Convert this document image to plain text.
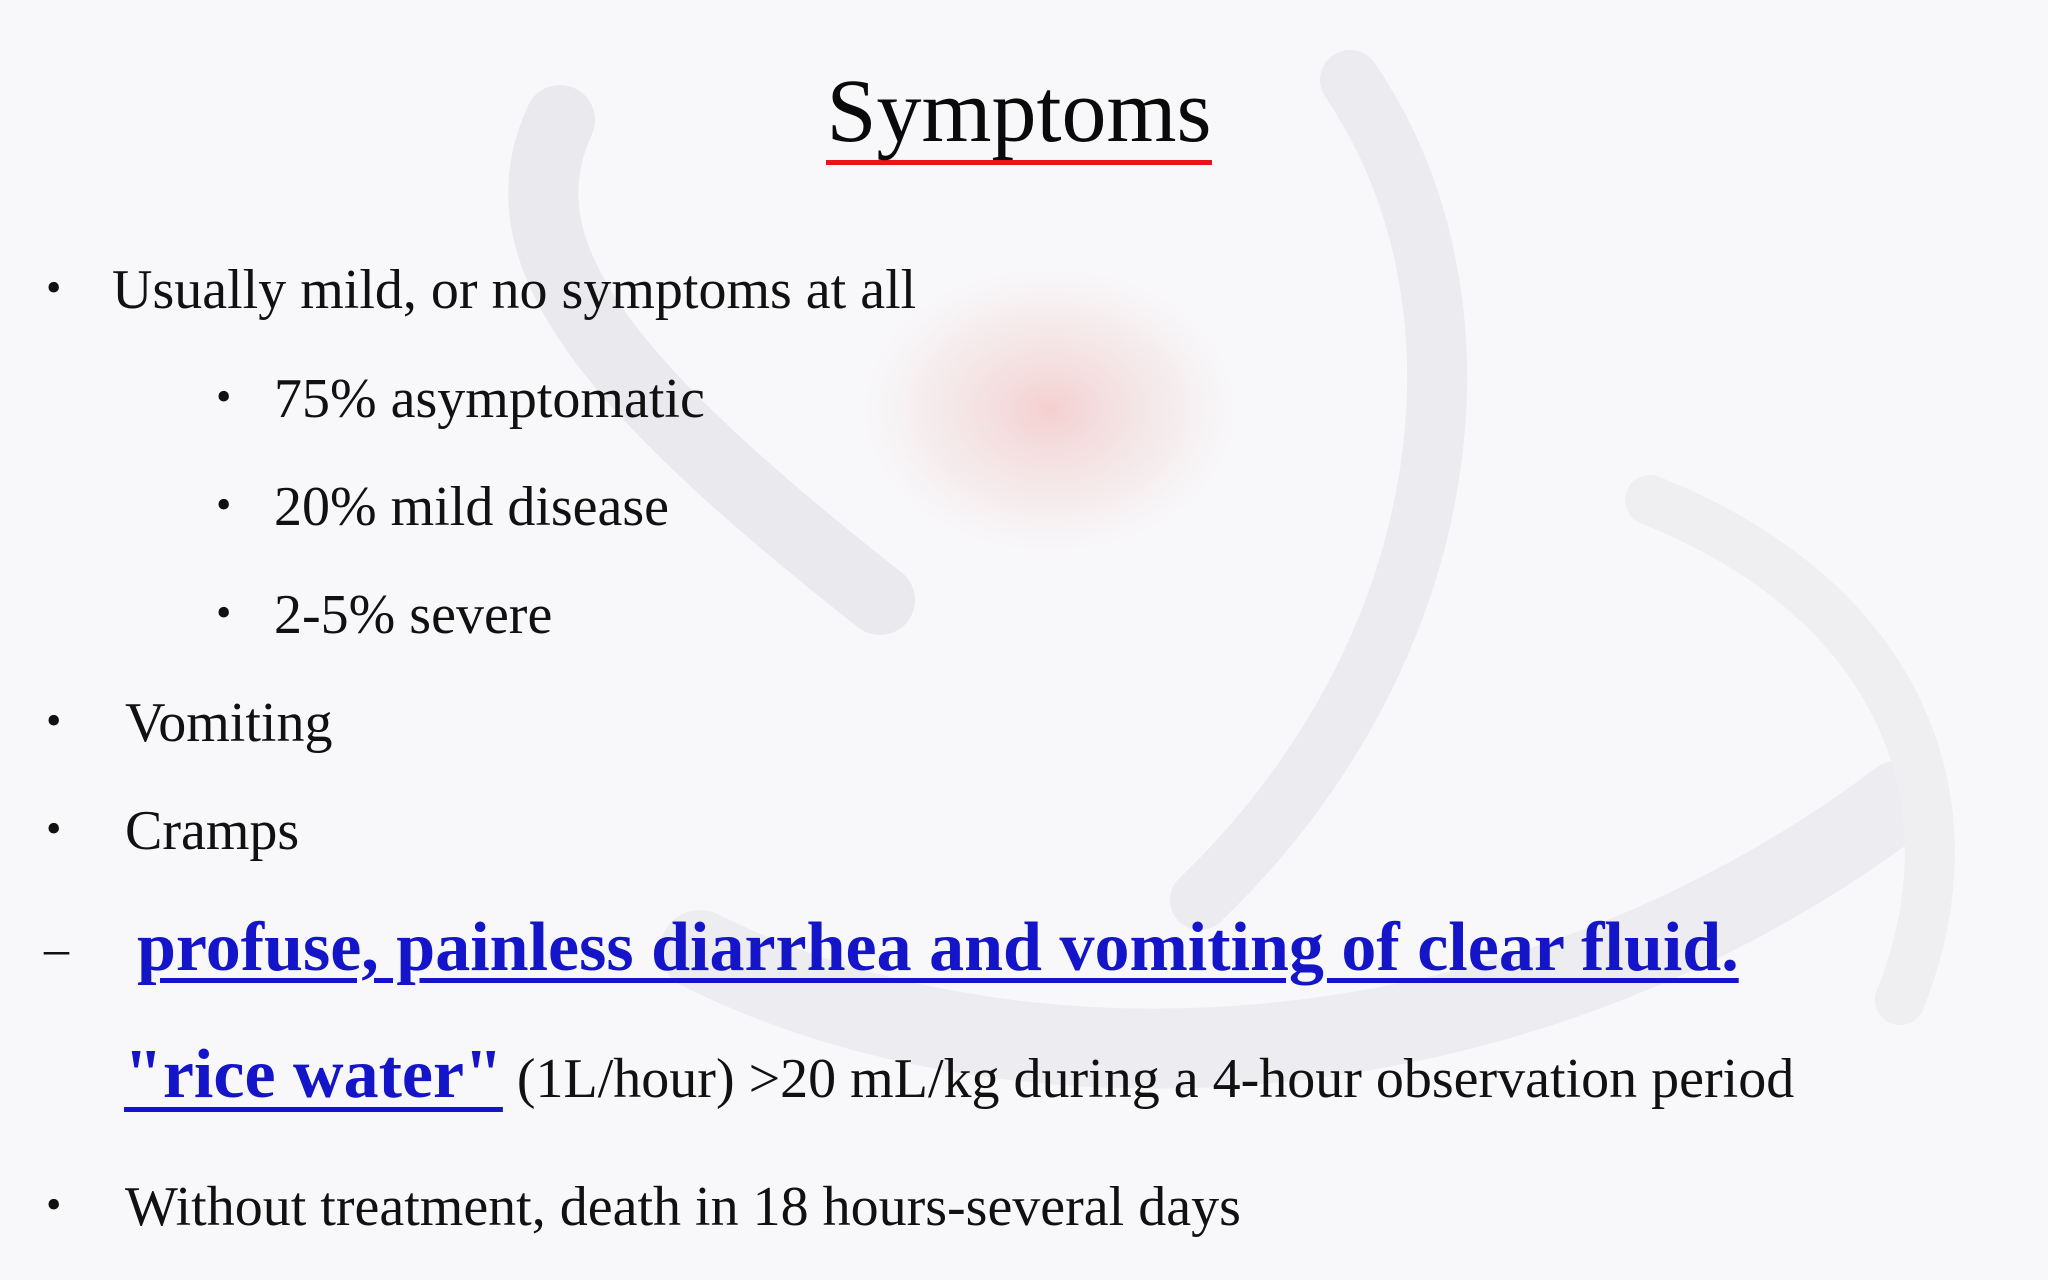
Symptoms
• Usually mild, or no symptoms at all
• 75% asymptomatic
• 20% mild disease
• 2-5% severe
• Vomiting
• Cramps
– profuse, painless diarrhea and vomiting of clear fluid.
"rice water" (1L/hour) >20 mL/kg during a 4-hour observation period
• Without treatment, death in 18 hours-several days
